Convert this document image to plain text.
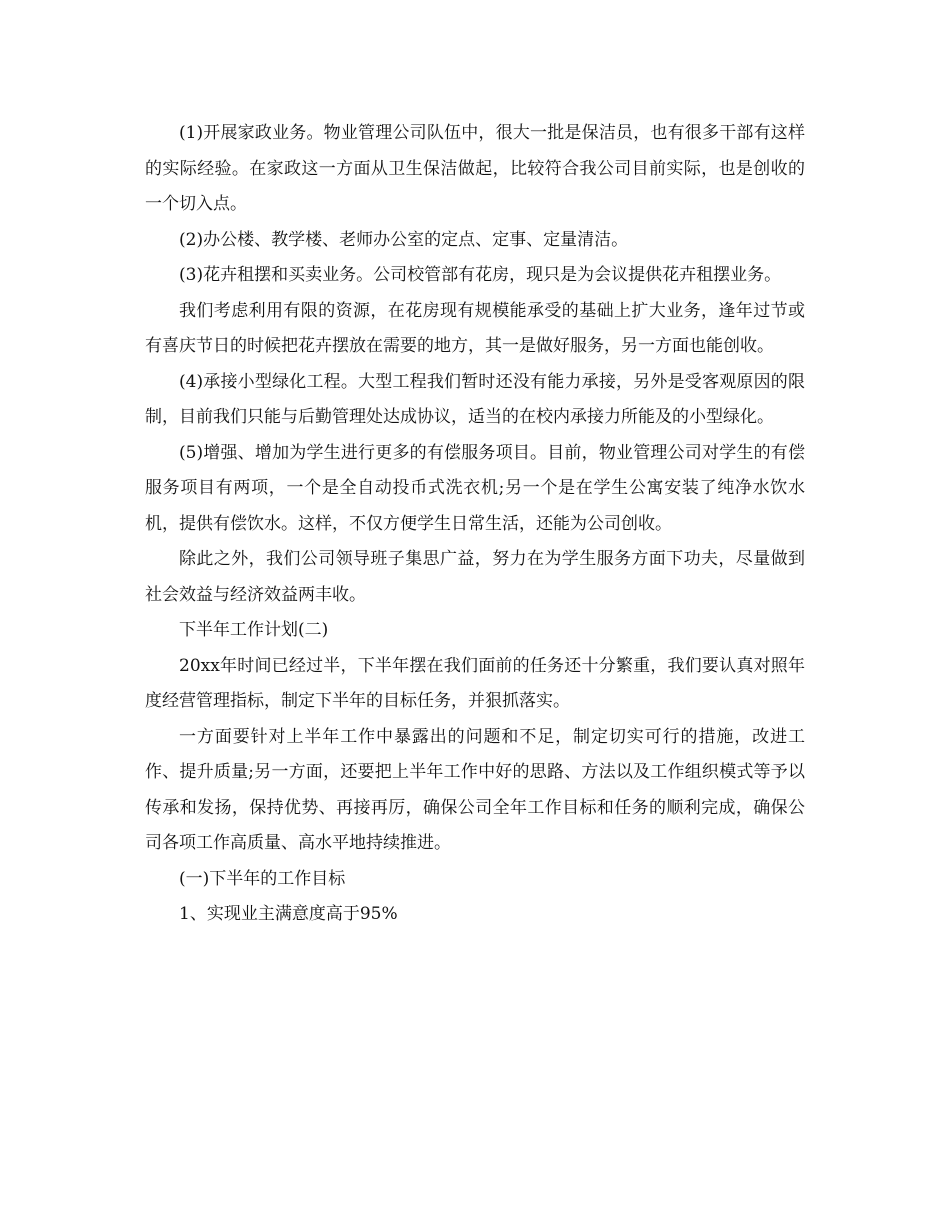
(1)开展家政业务。物业管理公司队伍中，很大一批是保洁员，也有很多干部有这样的实际经验。在家政这一方面从卫生保洁做起，比较符合我公司目前实际，也是创收的一个切入点。

(2)办公楼、教学楼、老师办公室的定点、定事、定量清洁。

(3)花卉租摆和买卖业务。公司校管部有花房，现只是为会议提供花卉租摆业务。

我们考虑利用有限的资源，在花房现有规模能承受的基础上扩大业务，逢年过节或有喜庆节日的时候把花卉摆放在需要的地方，其一是做好服务，另一方面也能创收。

(4)承接小型绿化工程。大型工程我们暂时还没有能力承接，另外是受客观原因的限制，目前我们只能与后勤管理处达成协议，适当的在校内承接力所能及的小型绿化。

(5)增强、增加为学生进行更多的有偿服务项目。目前，物业管理公司对学生的有偿服务项目有两项，一个是全自动投币式洗衣机;另一个是在学生公寓安装了纯净水饮水机，提供有偿饮水。这样，不仅方便学生日常生活，还能为公司创收。

除此之外，我们公司领导班子集思广益，努力在为学生服务方面下功夫，尽量做到社会效益与经济效益两丰收。

下半年工作计划(二)

20xx年时间已经过半，下半年摆在我们面前的任务还十分繁重，我们要认真对照年度经营管理指标，制定下半年的目标任务，并狠抓落实。

一方面要针对上半年工作中暴露出的问题和不足，制定切实可行的措施，改进工作、提升质量;另一方面，还要把上半年工作中好的思路、方法以及工作组织模式等予以传承和发扬，保持优势、再接再厉，确保公司全年工作目标和任务的顺利完成，确保公司各项工作高质量、高水平地持续推进。

(一)下半年的工作目标

1、实现业主满意度高于95%
